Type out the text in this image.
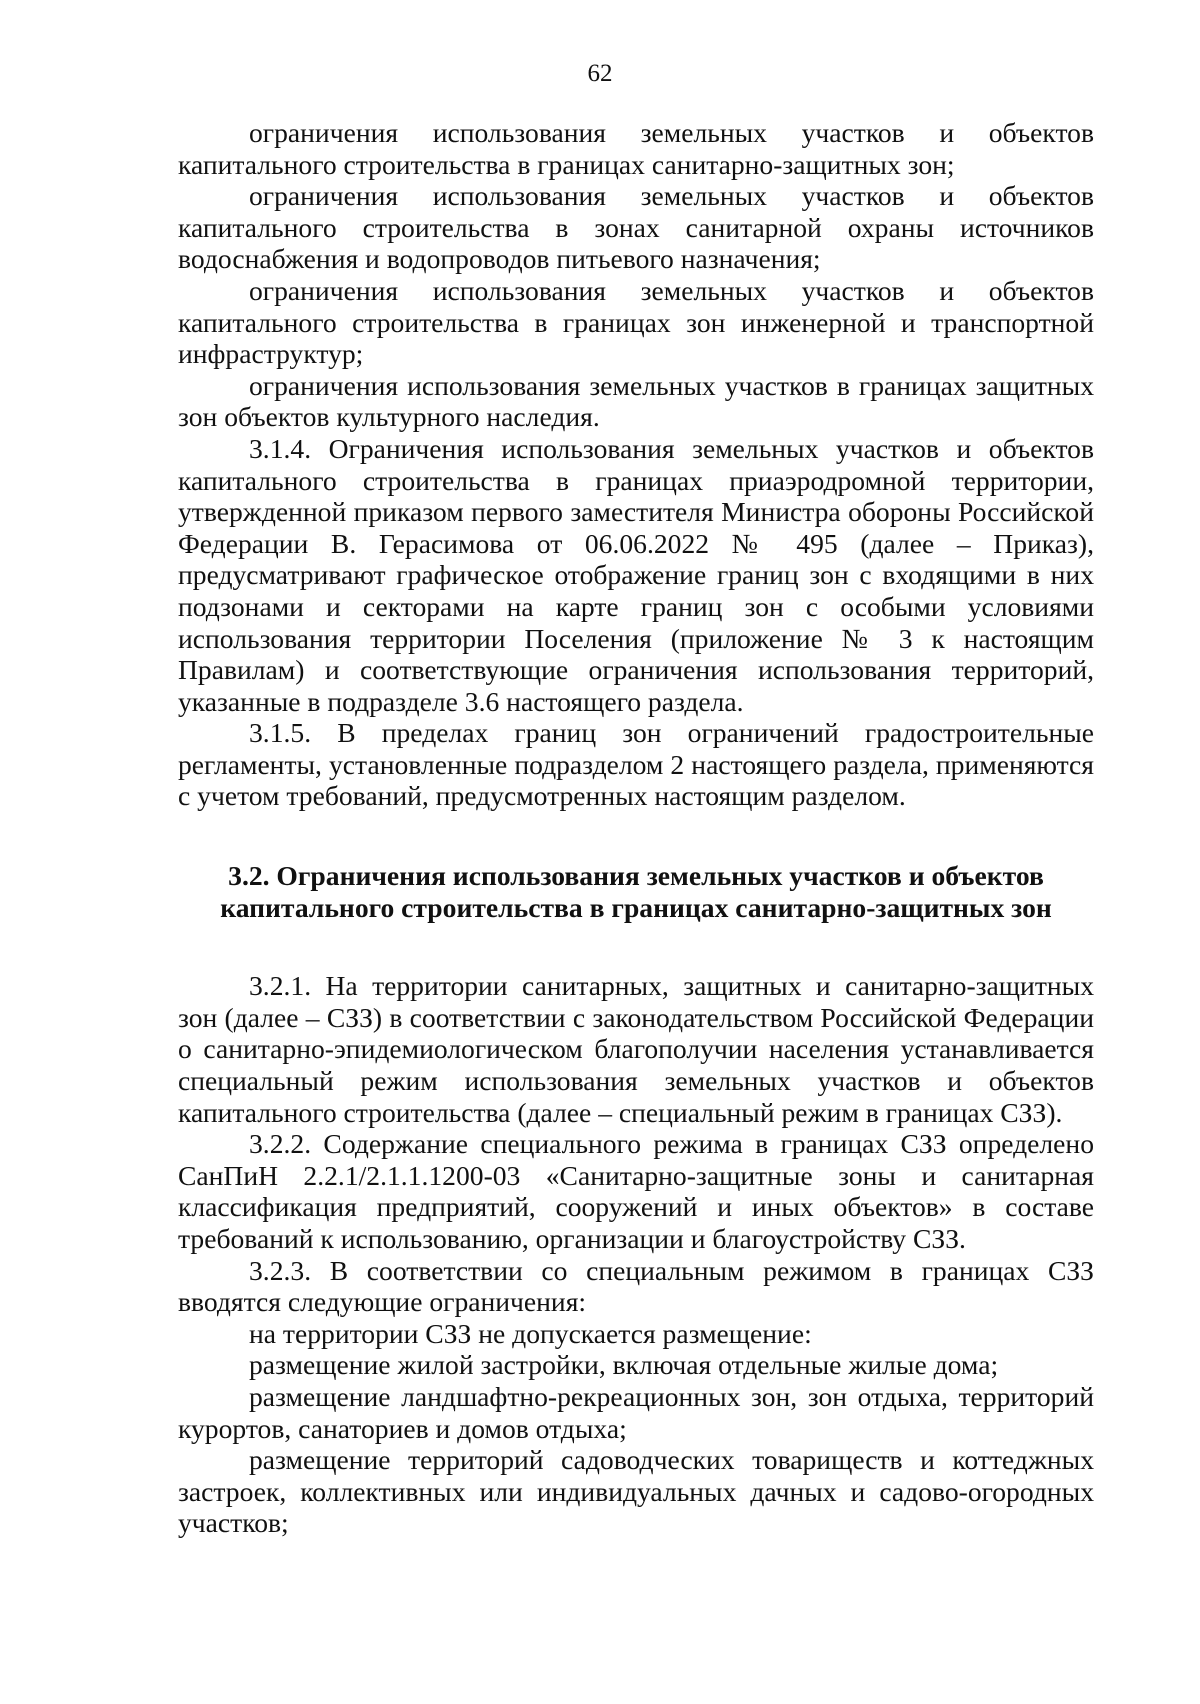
62

ограничения использования земельных участков и объектов капитального строительства в границах санитарно-защитных зон;

ограничения использования земельных участков и объектов капитального строительства в зонах санитарной охраны источников водоснабжения и водопроводов питьевого назначения;

ограничения использования земельных участков и объектов капитального строительства в границах зон инженерной и транспортной инфраструктур;

ограничения использования земельных участков в границах защитных зон объектов культурного наследия.

3.1.4. Ограничения использования земельных участков и объектов капитального строительства в границах приаэродромной территории, утвержденной приказом первого заместителя Министра обороны Российской Федерации В. Герасимова от 06.06.2022 № 495 (далее – Приказ), предусматривают графическое отображение границ зон с входящими в них подзонами и секторами на карте границ зон с особыми условиями использования территории Поселения (приложение № 3 к настоящим Правилам) и соответствующие ограничения использования территорий, указанные в подразделе 3.6 настоящего раздела.

3.1.5. В пределах границ зон ограничений градостроительные регламенты, установленные подразделом 2 настоящего раздела, применяются с учетом требований, предусмотренных настоящим разделом.

3.2. Ограничения использования земельных участков и объектов
капитального строительства в границах санитарно-защитных зон

3.2.1. На территории санитарных, защитных и санитарно-защитных зон (далее – СЗЗ) в соответствии с законодательством Российской Федерации о санитарно-эпидемиологическом благополучии населения устанавливается специальный режим использования земельных участков и объектов капитального строительства (далее – специальный режим в границах СЗЗ).

3.2.2. Содержание специального режима в границах СЗЗ определено СанПиН 2.2.1/2.1.1.1200-03 «Санитарно-защитные зоны и санитарная классификация предприятий, сооружений и иных объектов» в составе требований к использованию, организации и благоустройству СЗЗ.

3.2.3. В соответствии со специальным режимом в границах СЗЗ вводятся следующие ограничения:

на территории СЗЗ не допускается размещение:

размещение жилой застройки, включая отдельные жилые дома;

размещение ландшафтно-рекреационных зон, зон отдыха, территорий курортов, санаториев и домов отдыха;

размещение территорий садоводческих товариществ и коттеджных застроек, коллективных или индивидуальных дачных и садово-огородных участков;
